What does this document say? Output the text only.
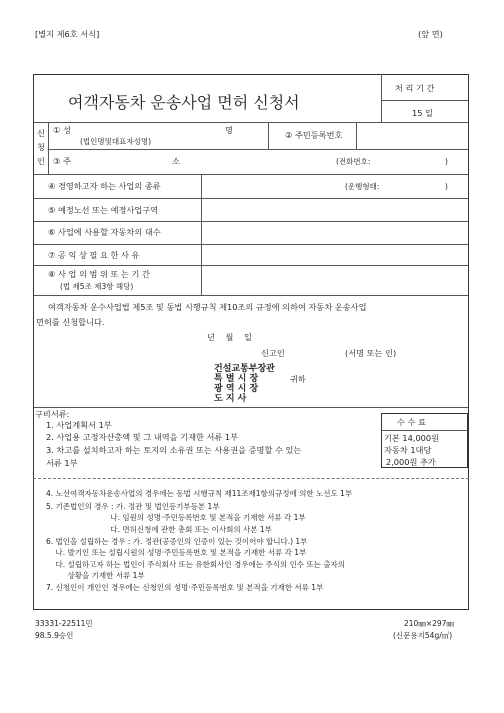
[별지 제6호 서식]	(앞 면)
여객자동차 운송사업 면허 신청서
처 리 기 간
15 일
신
청
인
① 성	명
(법인명및대표자성명)
② 주민등록번호
③ 주	소	(전화번호:	)
④ 경영하고자 하는 사업의 종류	(운행형태:	)
⑤ 예정노선 또는 예정사업구역
⑥ 사업에 사용할 자동차의 대수
⑦ 공 익 상 필 요 한 사 유
⑧ 사 업 의 범 위 또 는 기 간
(법 제5조 제3항 해당)
여객자동차 운수사업법 제5조 및 동법 시행규칙 제10조의 규정에 의하여 자동차 운송사업
면허를 신청합니다.
년 월 일
신고인	(서명 또는 인)
건설교통부장관
특 별 시 장
광 역 시 장
도 지 사
귀하
구비서류:
1. 사업계획서 1부
2. 사업용 고정자산총액 및 그 내역을 기재한 서류 1부
3. 차고를 설치하고자 하는 토지의 소유권 또는 사용권을 증명할 수 있는
서류 1부
수 수 료
기본 14,000원
자동차 1대당
2,000원 추가
4. 노선여객자동차운송사업의 경우에는 동법 시행규칙 제11조제1항의규정에 의한 노선도 1부
5. 기존법인의 경우 : 가. 정관 및 법인등기부등본 1부
나. 임원의 성명·주민등록번호 및 본적을 기재한 서류 각 1부
다. 면허신청에 관한 총회 또는 이사회의 사본 1부
6. 법인을 설립하는 경우 : 가. 정관(공증인의 인증이 있는 것이어야 합니다.) 1부
나. 발기인 또는 설립시원의 성명·주민등록번호 및 본적을 기재한 서류 각 1부
다. 설립하고자 하는 법인이 주식회사 또는 유한회사인 경우에는 주식의 인수 또는 출자의
상황을 기재한 서류 1부
7. 신청인이 개인인 경우에는 신청인의 성명·주민등록번호 및 본적을 기재한 서류 1부
33331-22511민
98.5.9승인
210㎜×297㎜
(신문용지54g/㎡)
